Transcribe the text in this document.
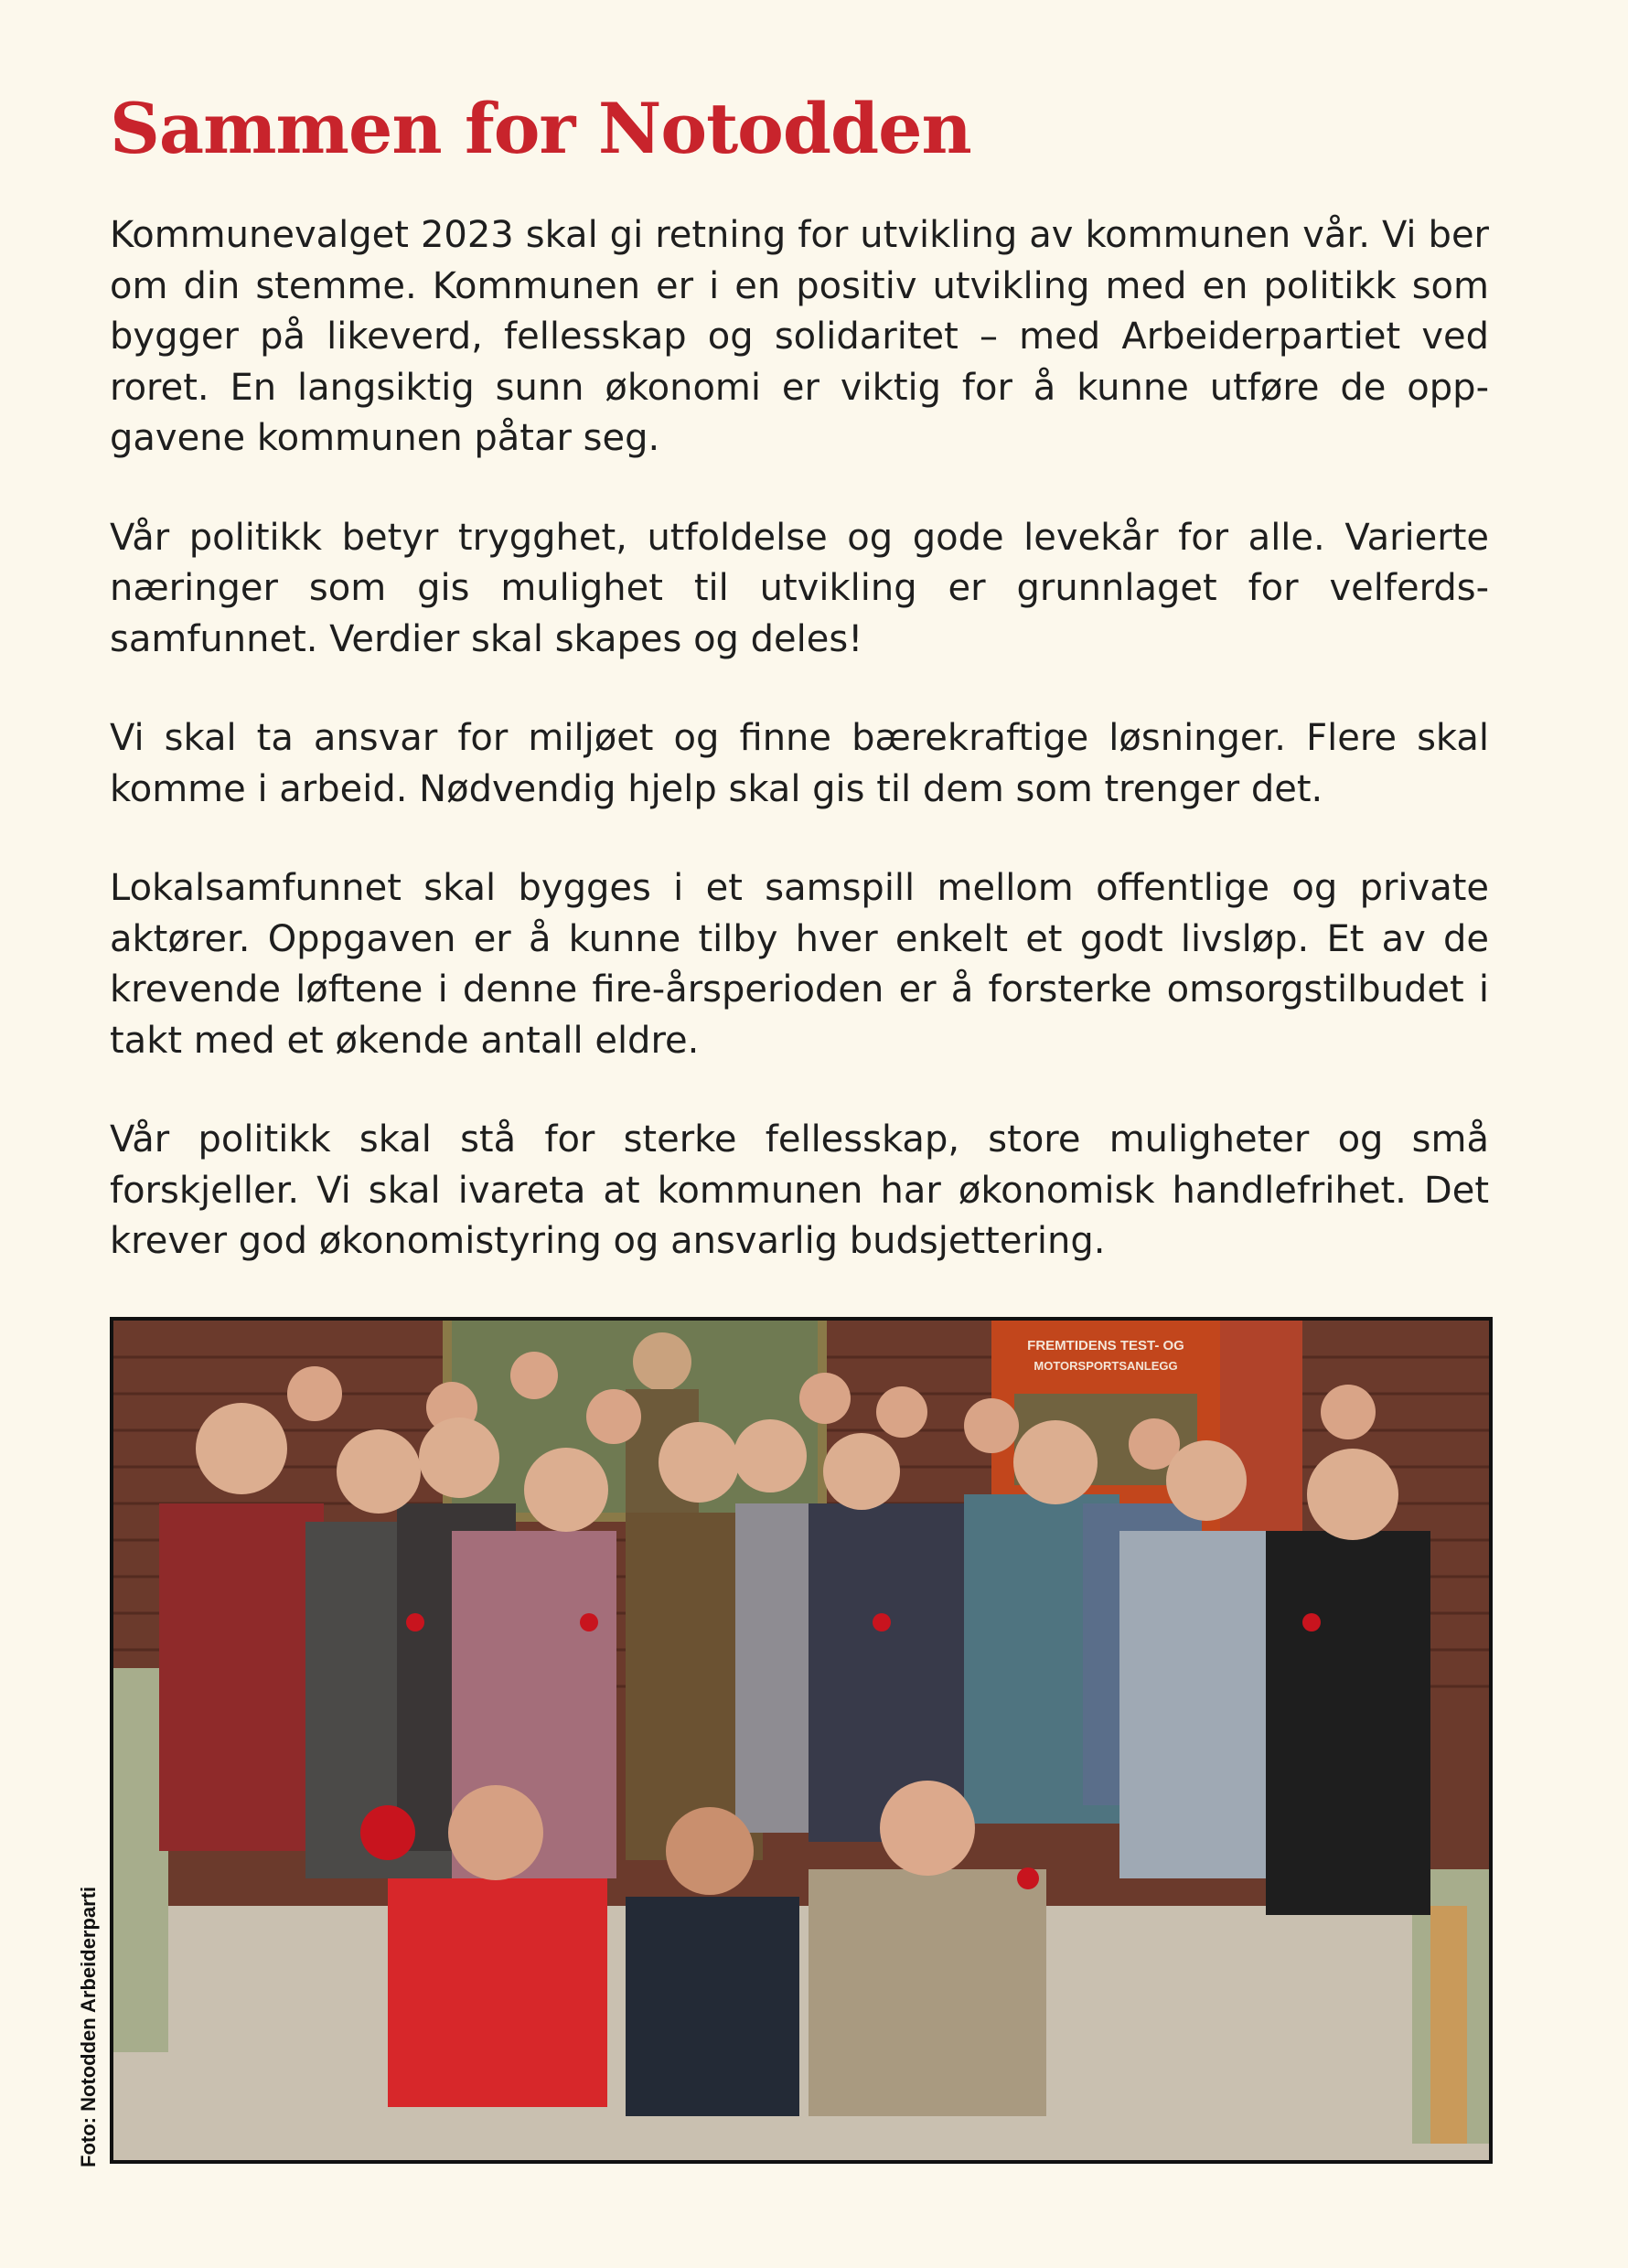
Sammen for Notodden

Kommunevalget 2023 skal gi retning for utvikling av kommunen vår. Vi ber om din stemme. Kommunen er i en positiv utvikling med en politikk som bygger på likeverd, fellesskap og solidaritet – med Arbeiderpartiet ved roret. En langsiktig sunn økonomi er viktig for å kunne utføre de oppgavene kommunen påtar seg.

Vår politikk betyr trygghet, utfoldelse og gode levekår for alle. Varierte næringer som gis mulighet til utvikling er grunnlaget for velferdssamfunnet. Verdier skal skapes og deles!

Vi skal ta ansvar for miljøet og finne bærekraftige løsninger. Flere skal komme i arbeid. Nødvendig hjelp skal gis til dem som trenger det.

Lokalsamfunnet skal bygges i et samspill mellom offentlige og private aktører. Oppgaven er å kunne tilby hver enkelt et godt livsløp. Et av de krevende løftene i denne fire-årsperioden er å forsterke omsorgstilbudet i takt med et økende antall eldre.

Vår politikk skal stå for sterke fellesskap, store muligheter og små forskjeller. Vi skal ivareta at kommunen har økonomisk handlefrihet. Det krever god økonomistyring og ansvarlig budsjettering.

Foto: Notodden Arbeiderparti
FREMTIDENS TEST- OG
MOTORSPORTSANLEGG
